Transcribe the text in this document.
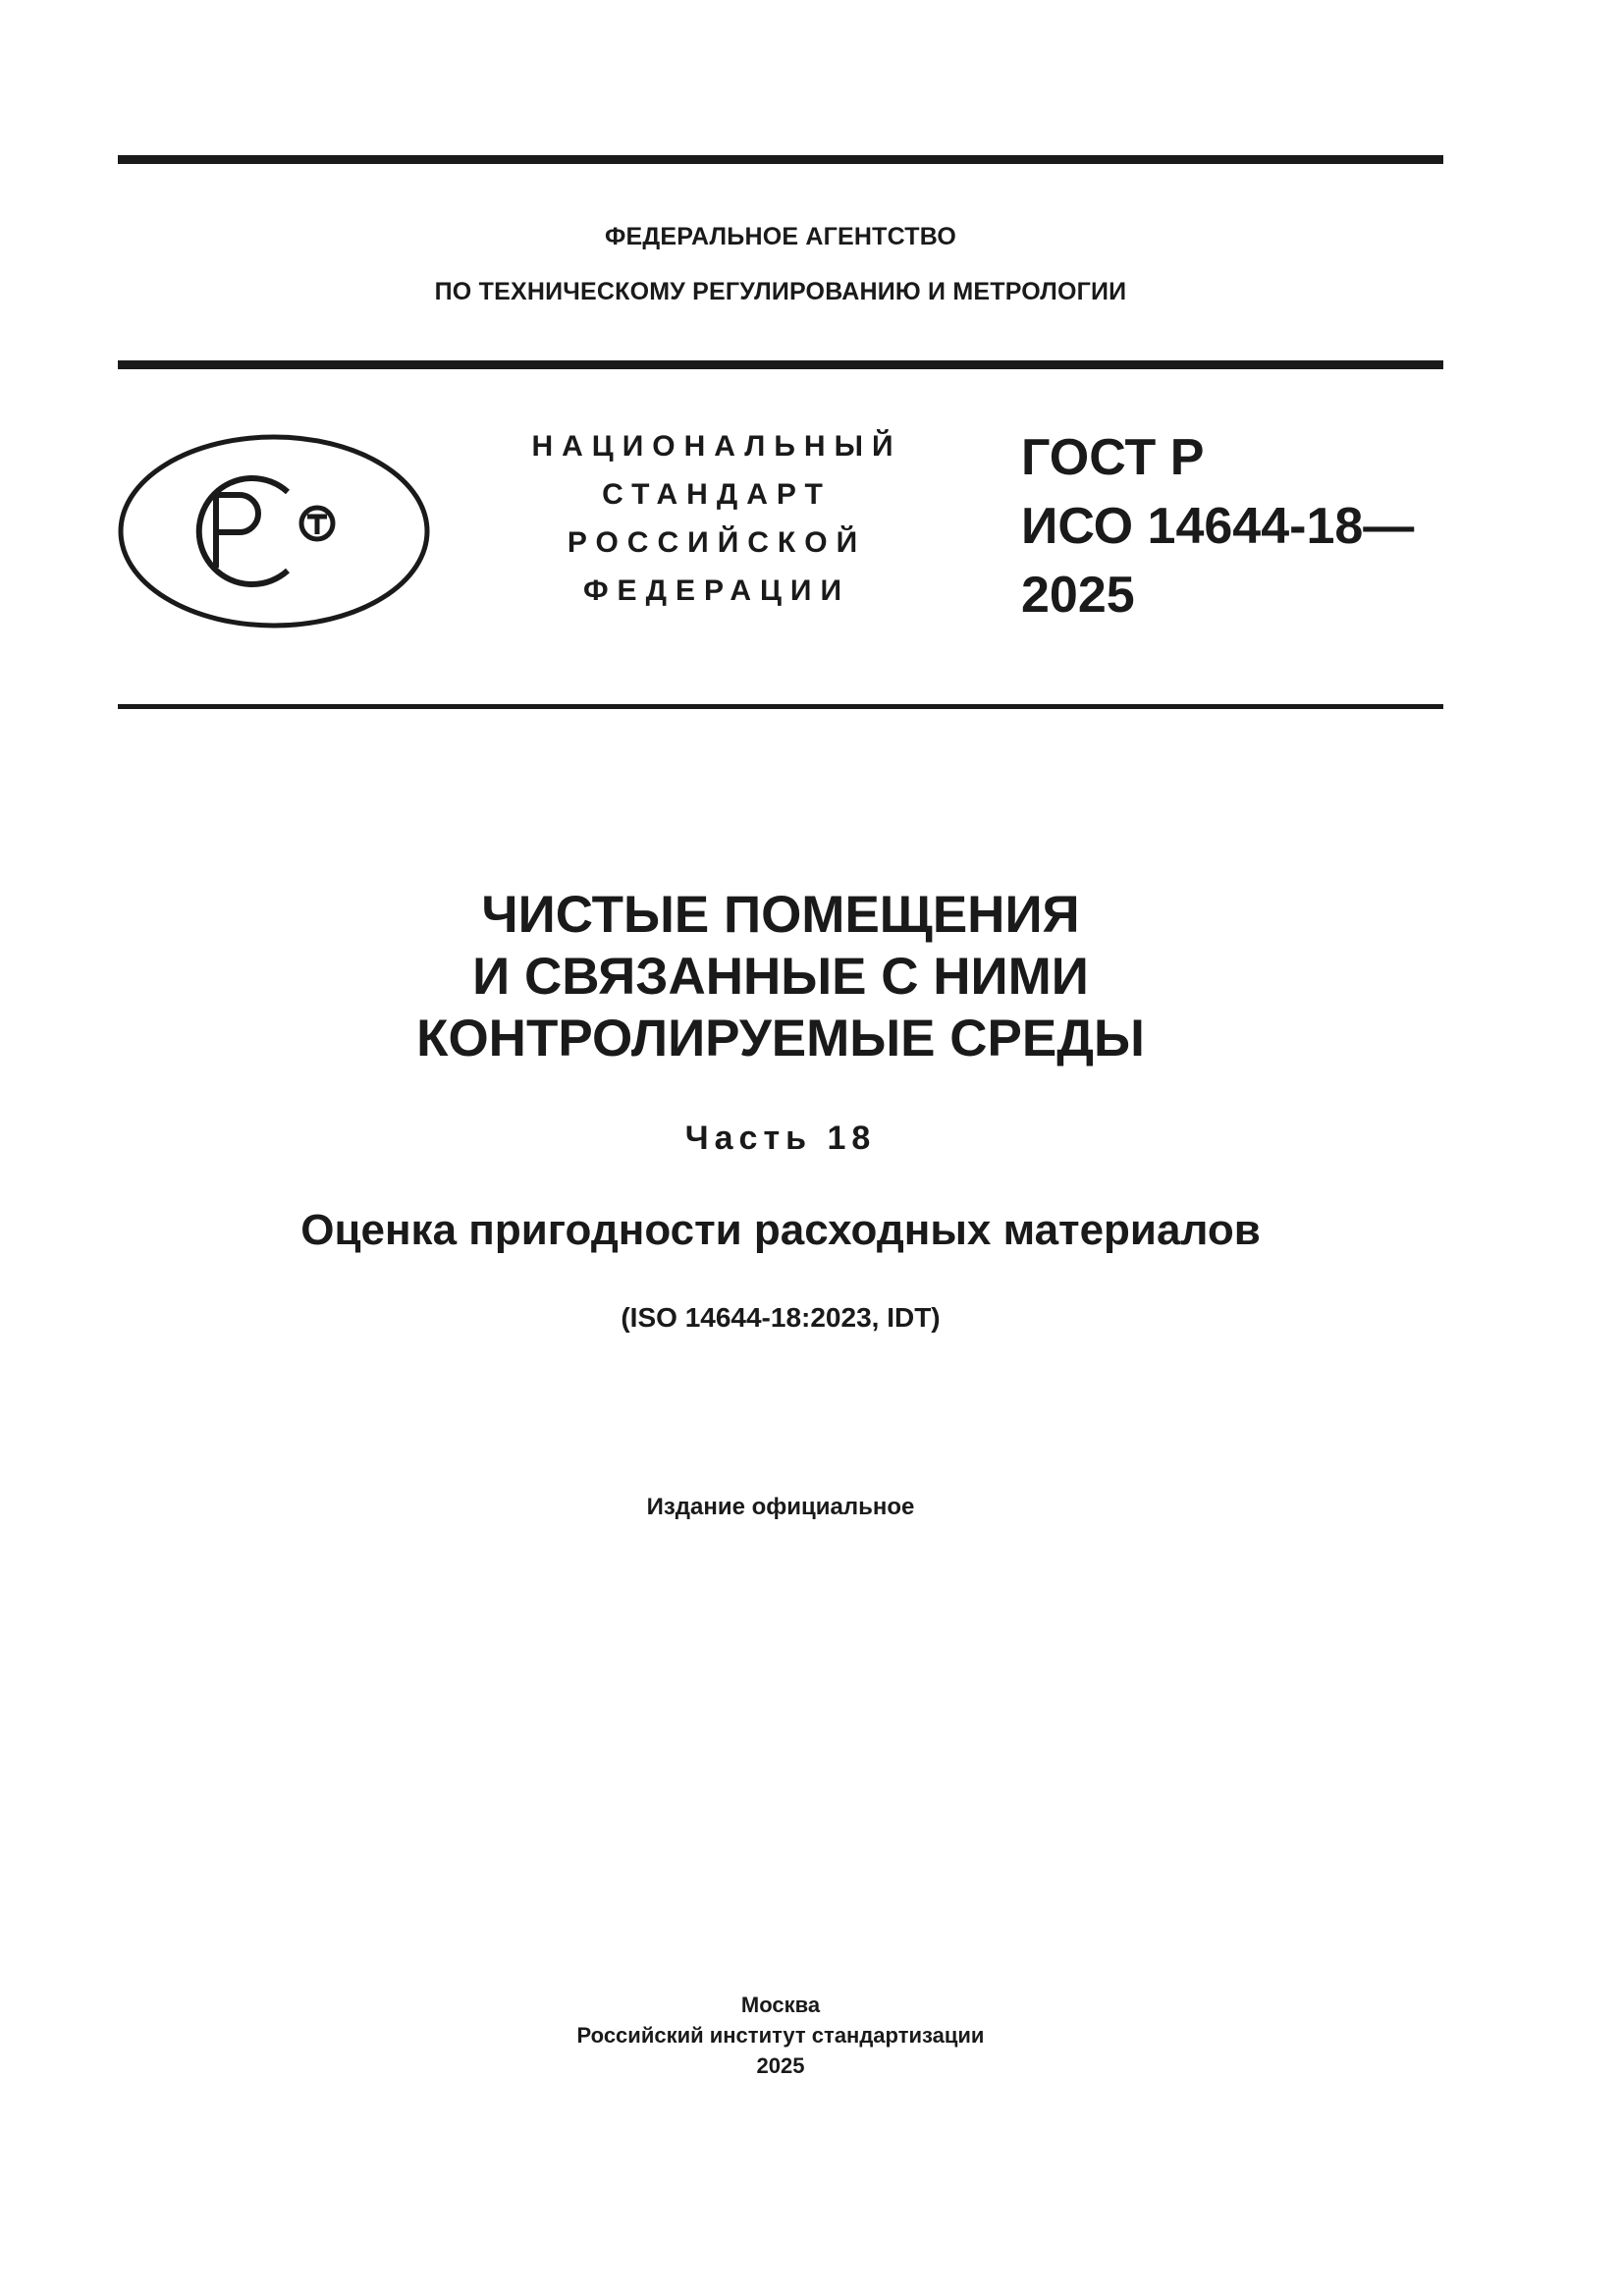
ФЕДЕРАЛЬНОЕ АГЕНТСТВО
ПО ТЕХНИЧЕСКОМУ РЕГУЛИРОВАНИЮ И МЕТРОЛОГИИ
НАЦИОНАЛЬНЫЙ
СТАНДАРТ
РОССИЙСКОЙ
ФЕДЕРАЦИИ
ГОСТ Р
ИСО 14644-18—
2025
ЧИСТЫЕ ПОМЕЩЕНИЯ
И СВЯЗАННЫЕ С НИМИ
КОНТРОЛИРУЕМЫЕ СРЕДЫ
Часть 18
Оценка пригодности расходных материалов
(ISO 14644-18:2023, IDT)
Издание официальное
Москва
Российский институт стандартизации
2025
